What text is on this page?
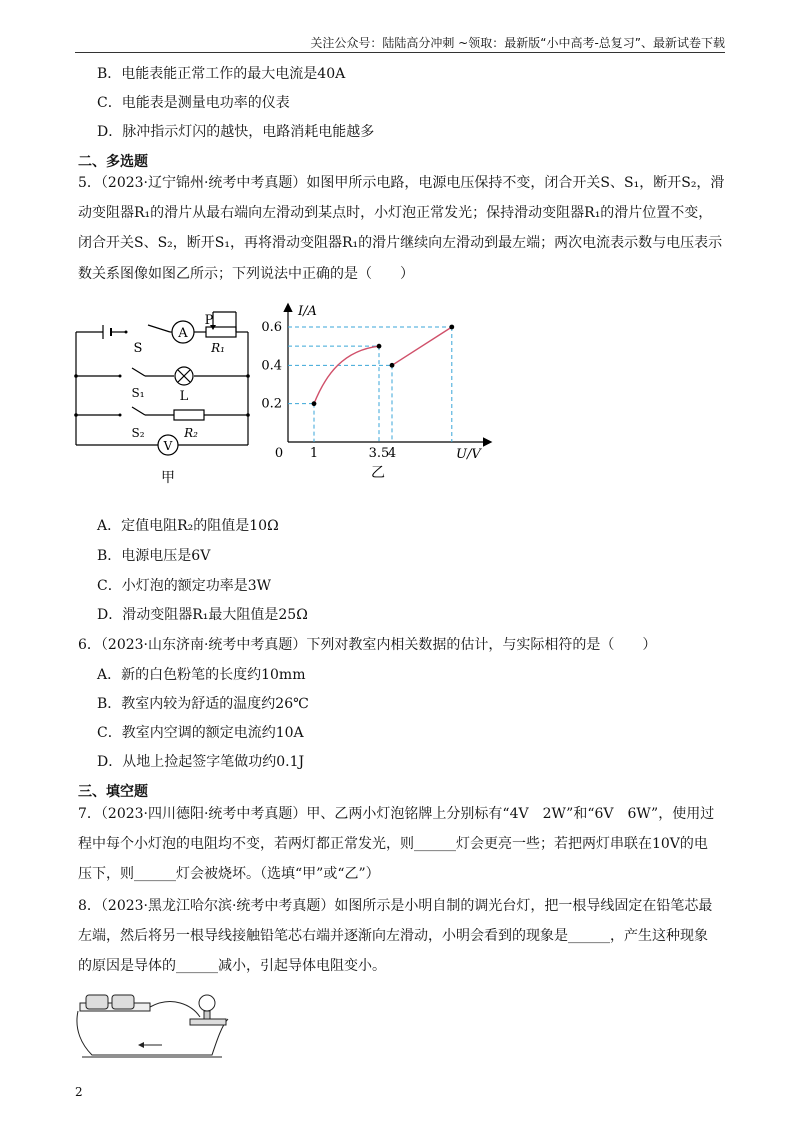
关注公众号：陆陆高分冲刺 ~领取：最新版“小中高考-总复习”、最新试卷下载
B．电能表能正常工作的最大电流是40A
C．电能表是测量电功率的仪表
D．脉冲指示灯闪的越快，电路消耗电能越多
二、多选题
5．（2023·辽宁锦州·统考中考真题）如图甲所示电路，电源电压保持不变，闭合开关S、S₁，断开S₂，滑
动变阻器R₁的滑片从最右端向左滑动到某点时，小灯泡正常发光；保持滑动变阻器R₁的滑片位置不变，
闭合开关S、S₂，断开S₁，再将滑动变阻器R₁的滑片继续向左滑动到最左端；两次电流表示数与电压表示
数关系图像如图乙所示；下列说法中正确的是（　　）
A
V
S
P
R₁
S₁	L
S₂	R₂
甲
0 1	3.5
4
0.2
0.4
0.6
I/A
U/V
乙
A．定值电阻R₂的阻值是10Ω
B．电源电压是6V
C．小灯泡的额定功率是3W
D．滑动变阻器R₁最大阻值是25Ω
6．（2023·山东济南·统考中考真题）下列对教室内相关数据的估计，与实际相符的是（　　）
A．新的白色粉笔的长度约10mm
B．教室内较为舒适的温度约26℃
C．教室内空调的额定电流约10A
D．从地上捡起签字笔做功约0.1J
三、填空题
7．（2023·四川德阳·统考中考真题）甲、乙两小灯泡铭牌上分别标有“4V　2W”和“6V　6W”，使用过
程中每个小灯泡的电阻均不变，若两灯都正常发光，则______灯会更亮一些；若把两灯串联在10V的电
压下，则______灯会被烧坏。（选填“甲”或“乙”）
8．（2023·黑龙江哈尔滨·统考中考真题）如图所示是小明自制的调光台灯，把一根导线固定在铅笔芯最
左端，然后将另一根导线接触铅笔芯右端并逐渐向左滑动，小明会看到的现象是______，产生这种现象
的原因是导体的______减小，引起导体电阻变小。
2
